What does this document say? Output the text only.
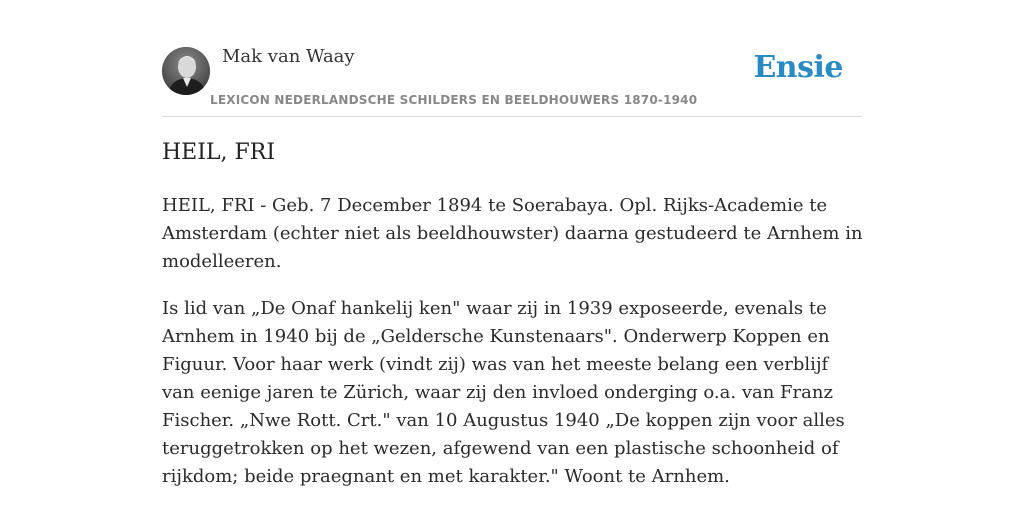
Mak van Waay
LEXICON NEDERLANDSCHE SCHILDERS EN BEELDHOUWERS 1870-1940
Ensie
HEIL, FRI

HEIL, FRI - Geb. 7 December 1894 te Soerabaya. Opl. Rijks-Academie te Amsterdam (echter niet als beeldhouwster) daarna gestudeerd te Arnhem in modelleeren.

Is lid van „De Onaf hankelij ken" waar zij in 1939 exposeerde, evenals te Arnhem in 1940 bij de „Geldersche Kunstenaars". Onderwerp Koppen en Figuur. Voor haar werk (vindt zij) was van het meeste belang een verblijf van eenige jaren te Zürich, waar zij den invloed onderging o.a. van Franz Fischer. „Nwe Rott. Crt." van 10 Augustus 1940 „De koppen zijn voor alles teruggetrokken op het wezen, afgewend van een plastische schoonheid of rijkdom; beide praegnant en met karakter." Woont te Arnhem.
